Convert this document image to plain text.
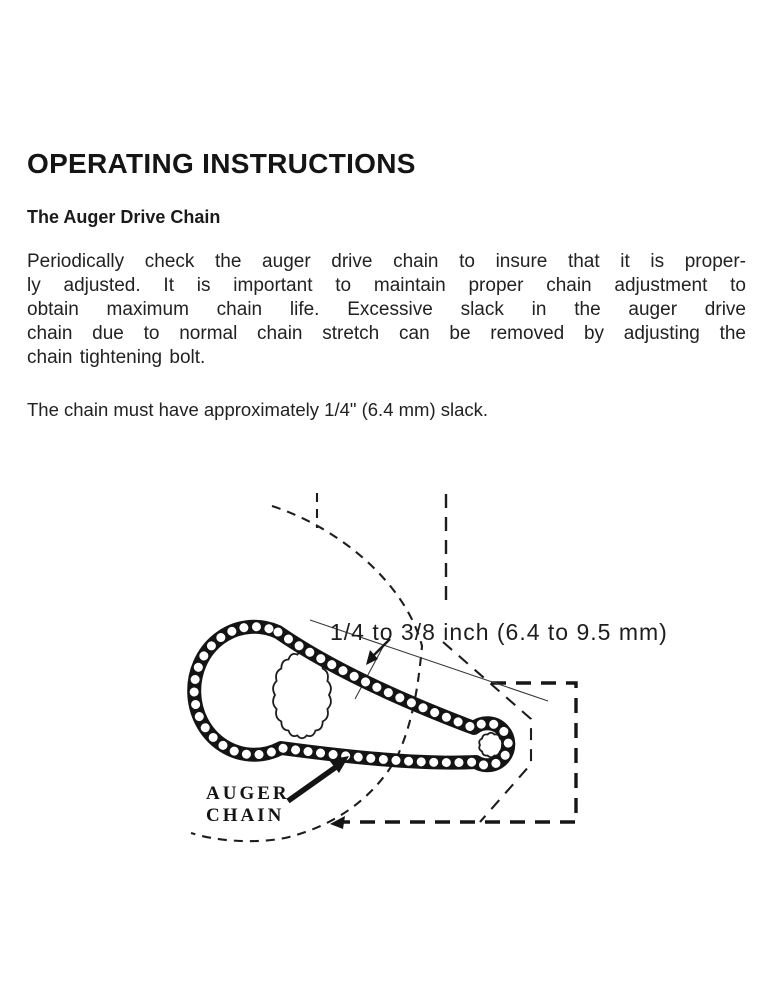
OPERATING INSTRUCTIONS
The Auger Drive Chain
Periodically check the auger drive chain to insure that it is proper-
ly adjusted. It is important to maintain proper chain adjustment to
obtain maximum chain life. Excessive slack in the auger drive
chain due to normal chain stretch can be removed by adjusting the
chain tightening bolt.
The chain must have approximately 1/4" (6.4 mm) slack.
1/4 to 3/8 inch (6.4 to 9.5 mm)
AUGER
CHAIN
